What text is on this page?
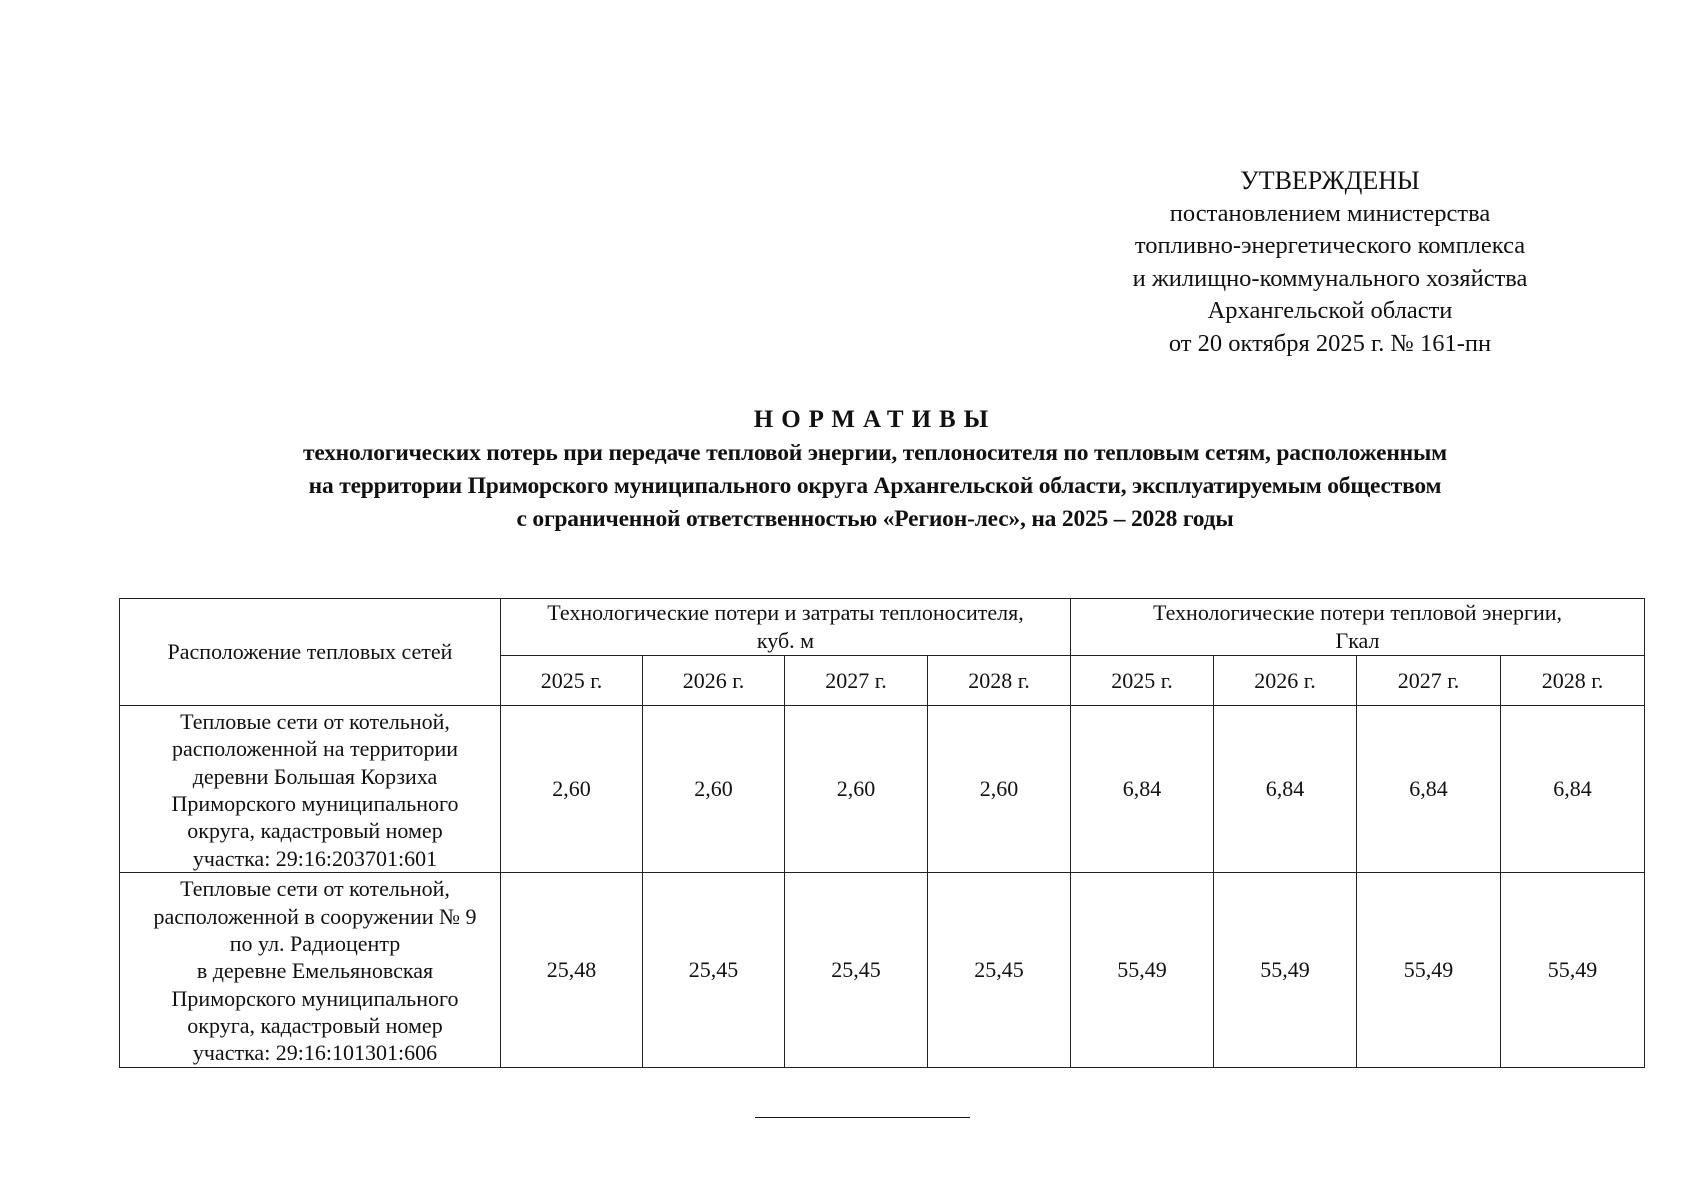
УТВЕРЖДЕНЫ
постановлением министерства
топливно-энергетического комплекса
и жилищно-коммунального хозяйства
Архангельской области
от 20 октября 2025 г. № 161-пн
НОРМАТИВЫ
технологических потерь при передаче тепловой энергии, теплоносителя по тепловым сетям, расположенным
на территории Приморского муниципального округа Архангельской области, эксплуатируемым обществом
с ограниченной ответственностью «Регион-лес», на 2025 – 2028 годы
Расположение тепловых сетей	
Технологические потери и затраты теплоносителя,
куб. м

Технологические потери тепловой энергии,
Гкал

	2025 г.	2026 г.	2027 г.	2028 г.	2025 г.	2026 г.	2027 г.	2028 г.

Тепловые сети от котельной,
расположенной на территории
деревни Большая Корзиха
Приморского муниципального
округа, кадастровый номер
участка: 29:16:203701:601
	2,60	2,60	2,60	2,60	6,84	6,84	6,84	6,84

Тепловые сети от котельной,
расположенной в сооружении № 9
по ул. Радиоцентр
в деревне Емельяновская
Приморского муниципального
округа, кадастровый номер
участка: 29:16:101301:606
	25,48	25,45	25,45	25,45	55,49	55,49	55,49	55,49
